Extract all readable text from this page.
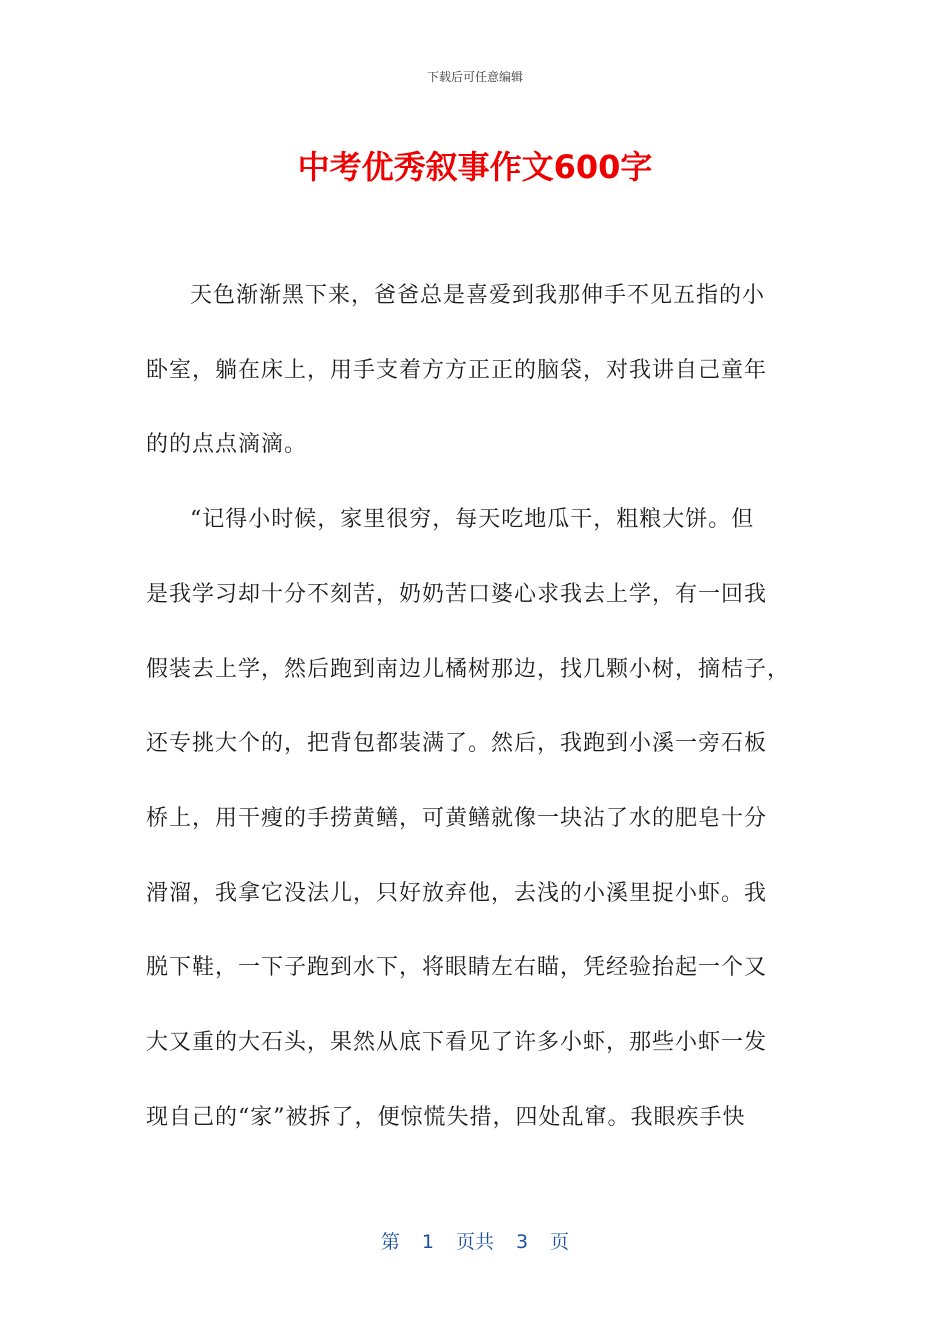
下载后可任意编辑
中考优秀叙事作文600字
天色渐渐黑下来，爸爸总是喜爱到我那伸手不见五指的小
卧室，躺在床上，用手支着方方正正的脑袋，对我讲自己童年
的的点点滴滴。
“记得小时候，家里很穷，每天吃地瓜干，粗粮大饼。但
是我学习却十分不刻苦，奶奶苦口婆心求我去上学，有一回我
假装去上学，然后跑到南边儿橘树那边，找几颗小树，摘桔子，
还专挑大个的，把背包都装满了。然后，我跑到小溪一旁石板
桥上，用干瘦的手捞黄鳝，可黄鳝就像一块沾了水的肥皂十分
滑溜，我拿它没法儿，只好放弃他，去浅的小溪里捉小虾。我
脱下鞋，一下子跑到水下，将眼睛左右瞄，凭经验抬起一个又
大又重的大石头，果然从底下看见了许多小虾，那些小虾一发
现自己的“家”被拆了，便惊慌失措，四处乱窜。我眼疾手快
第 1 页共 3 页
